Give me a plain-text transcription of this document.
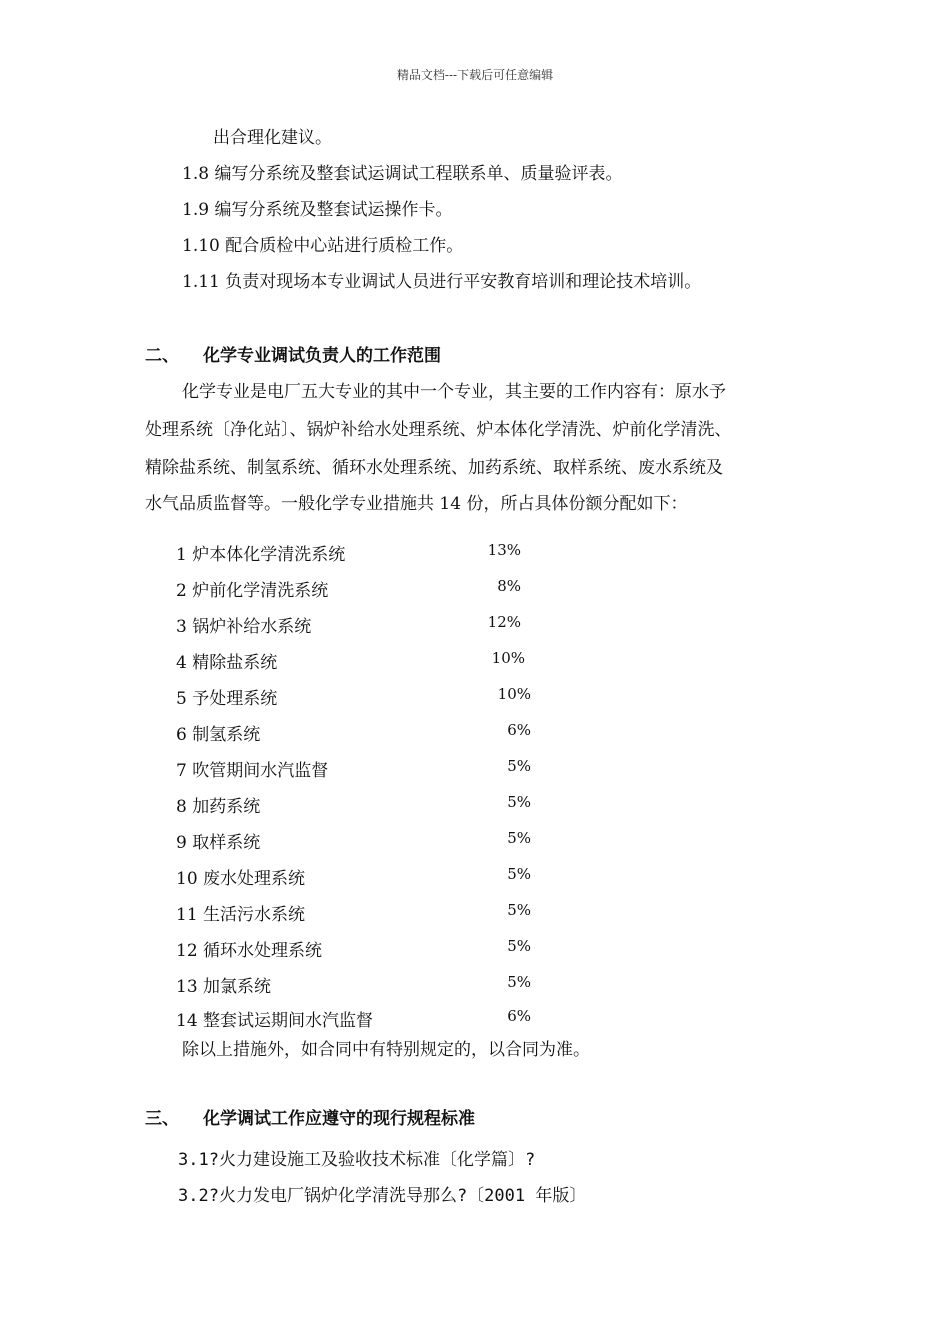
精品文档---下载后可任意编辑
出合理化建议。
1.8 编写分系统及整套试运调试工程联系单、质量验评表。
1.9 编写分系统及整套试运操作卡。
1.10 配合质检中心站进行质检工作。
1.11 负责对现场本专业调试人员进行平安教育培训和理论技术培训。
二、 化学专业调试负责人的工作范围
化学专业是电厂五大专业的其中一个专业，其主要的工作内容有：原水予
处理系统〔净化站〕、锅炉补给水处理系统、炉本体化学清洗、炉前化学清洗、
精除盐系统、制氢系统、循环水处理系统、加药系统、取样系统、废水系统及
水气品质监督等。一般化学专业措施共 14 份，所占具体份额分配如下：
1 炉本体化学清洗系统	13%
2 炉前化学清洗系统	8%
3 锅炉补给水系统	12%
4 精除盐系统	10%
5 予处理系统	10%
6 制氢系统	6%
7 吹管期间水汽监督	5%
8 加药系统	5%
9 取样系统	5%
10 废水处理系统	5%
11 生活污水系统	5%
12 循环水处理系统	5%
13 加氯系统	5%
14 整套试运期间水汽监督	6%
除以上措施外，如合同中有特别规定的，以合同为准。
三、 化学调试工作应遵守的现行规程标准
3.1?火力建设施工及验收技术标准〔化学篇〕?
3.2?火力发电厂锅炉化学清洗导那么?〔2001 年版〕
